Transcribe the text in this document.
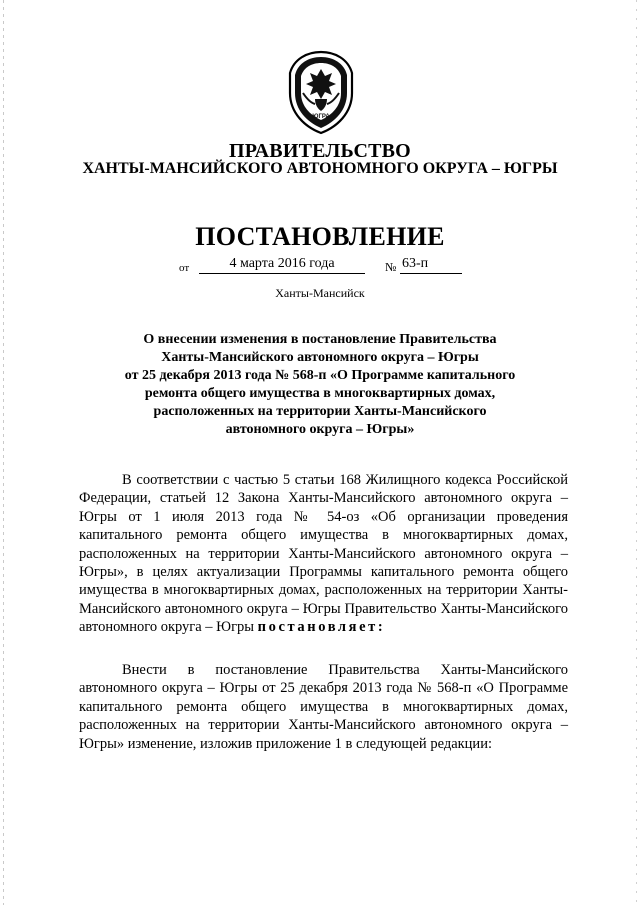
ЮГРА
ПРАВИТЕЛЬСТВО
ХАНТЫ-МАНСИЙСКОГО АВТОНОМНОГО ОКРУГА – ЮГРЫ
ПОСТАНОВЛЕНИЕ
от	4 марта 2016 года	№ 63-п
Ханты-Мансийск
О внесении изменения в постановление Правительства
Ханты-Мансийского автономного округа – Югры
от 25 декабря 2013 года № 568-п «О Программе капитального
ремонта общего имущества в многоквартирных домах,
расположенных на территории Ханты-Мансийского
автономного округа – Югры»
В соответствии с частью 5 статьи 168 Жилищного кодекса Российской Федерации, статьей 12 Закона Ханты-Мансийского автономного округа – Югры от 1 июля 2013 года № 54-оз «Об организации проведения капитального ремонта общего имущества в многоквартирных домах, расположенных на территории Ханты-Мансийского автономного округа – Югры», в целях актуализации Программы капитального ремонта общего имущества в многоквартирных домах, расположенных на территории Ханты-Мансийского автономного округа – Югры Правительство Ханты-Мансийского автономного округа – Югры постановляет:
Внести в постановление Правительства Ханты-Мансийского автономного округа – Югры от 25 декабря 2013 года № 568-п «О Программе капитального ремонта общего имущества в многоквартирных домах, расположенных на территории Ханты-Мансийского автономного округа – Югры» изменение, изложив приложение 1 в следующей редакции:
